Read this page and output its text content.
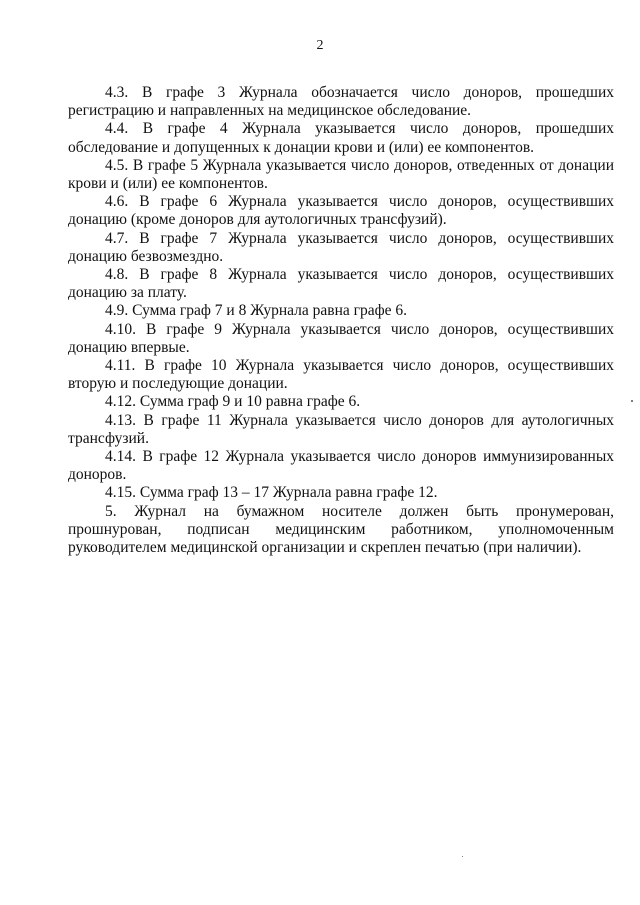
2

4.3. В графе 3 Журнала обозначается число доноров, прошедших регистрацию и направленных на медицинское обследование.

4.4. В графе 4 Журнала указывается число доноров, прошедших обследование и допущенных к донации крови и (или) ее компонентов.

4.5. В графе 5 Журнала указывается число доноров, отведенных от донации крови и (или) ее компонентов.

4.6. В графе 6 Журнала указывается число доноров, осуществивших донацию (кроме доноров для аутологичных трансфузий).

4.7. В графе 7 Журнала указывается число доноров, осуществивших донацию безвозмездно.

4.8. В графе 8 Журнала указывается число доноров, осуществивших донацию за плату.

4.9. Сумма граф 7 и 8 Журнала равна графе 6.

4.10. В графе 9 Журнала указывается число доноров, осуществивших донацию впервые.

4.11. В графе 10 Журнала указывается число доноров, осуществивших вторую и последующие донации.

4.12. Сумма граф 9 и 10 равна графе 6.

4.13. В графе 11 Журнала указывается число доноров для аутологичных трансфузий.

4.14. В графе 12 Журнала указывается число доноров иммунизированных доноров.

4.15. Сумма граф 13 – 17 Журнала равна графе 12.

5. Журнал на бумажном носителе должен быть пронумерован, прошнурован, подписан медицинским работником, уполномоченным руководителем медицинской организации и скреплен печатью (при наличии).
